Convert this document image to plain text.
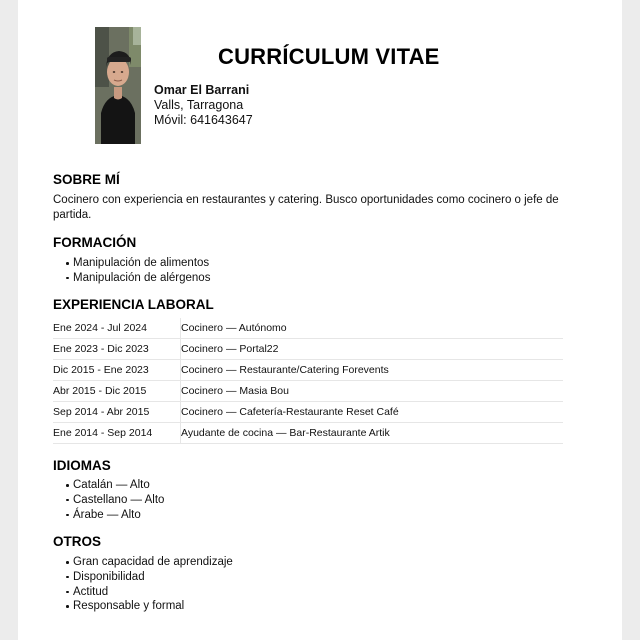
CURRÍCULUM VITAE
Omar El Barrani
Valls, Tarragona
Móvil: 641643647
SOBRE MÍ
Cocinero con experiencia en restaurantes y catering. Busco oportunidades como cocinero o jefe de partida.
FORMACIÓN
Manipulación de alimentos
Manipulación de alérgenos
EXPERIENCIA LABORAL
Ene 2024 - Jul 2024	Cocinero — Autónomo
Ene 2023 - Dic 2023	Cocinero — Portal22
Dic 2015 - Ene 2023	Cocinero — Restaurante/Catering Forevents
Abr 2015 - Dic 2015	Cocinero — Masia Bou
Sep 2014 - Abr 2015	Cocinero — Cafetería-Restaurante Reset Café
Ene 2014 - Sep 2014	Ayudante de cocina — Bar-Restaurante Artik
IDIOMAS
Catalán — Alto
Castellano — Alto
Árabe — Alto
OTROS
Gran capacidad de aprendizaje
Disponibilidad
Actitud
Responsable y formal
